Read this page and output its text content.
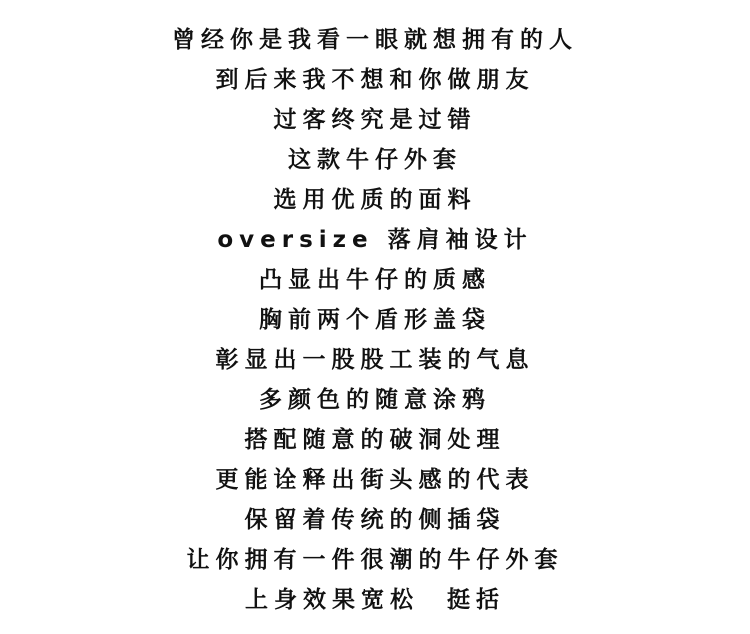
曾经你是我看一眼就想拥有的人
到后来我不想和你做朋友
过客终究是过错
这款牛仔外套
选用优质的面料
oversize 落肩袖设计
凸显出牛仔的质感
胸前两个盾形盖袋
彰显出一股股工装的气息
多颜色的随意涂鸦
搭配随意的破洞处理
更能诠释出街头感的代表
保留着传统的侧插袋
让你拥有一件很潮的牛仔外套
上身效果宽松  挺括
